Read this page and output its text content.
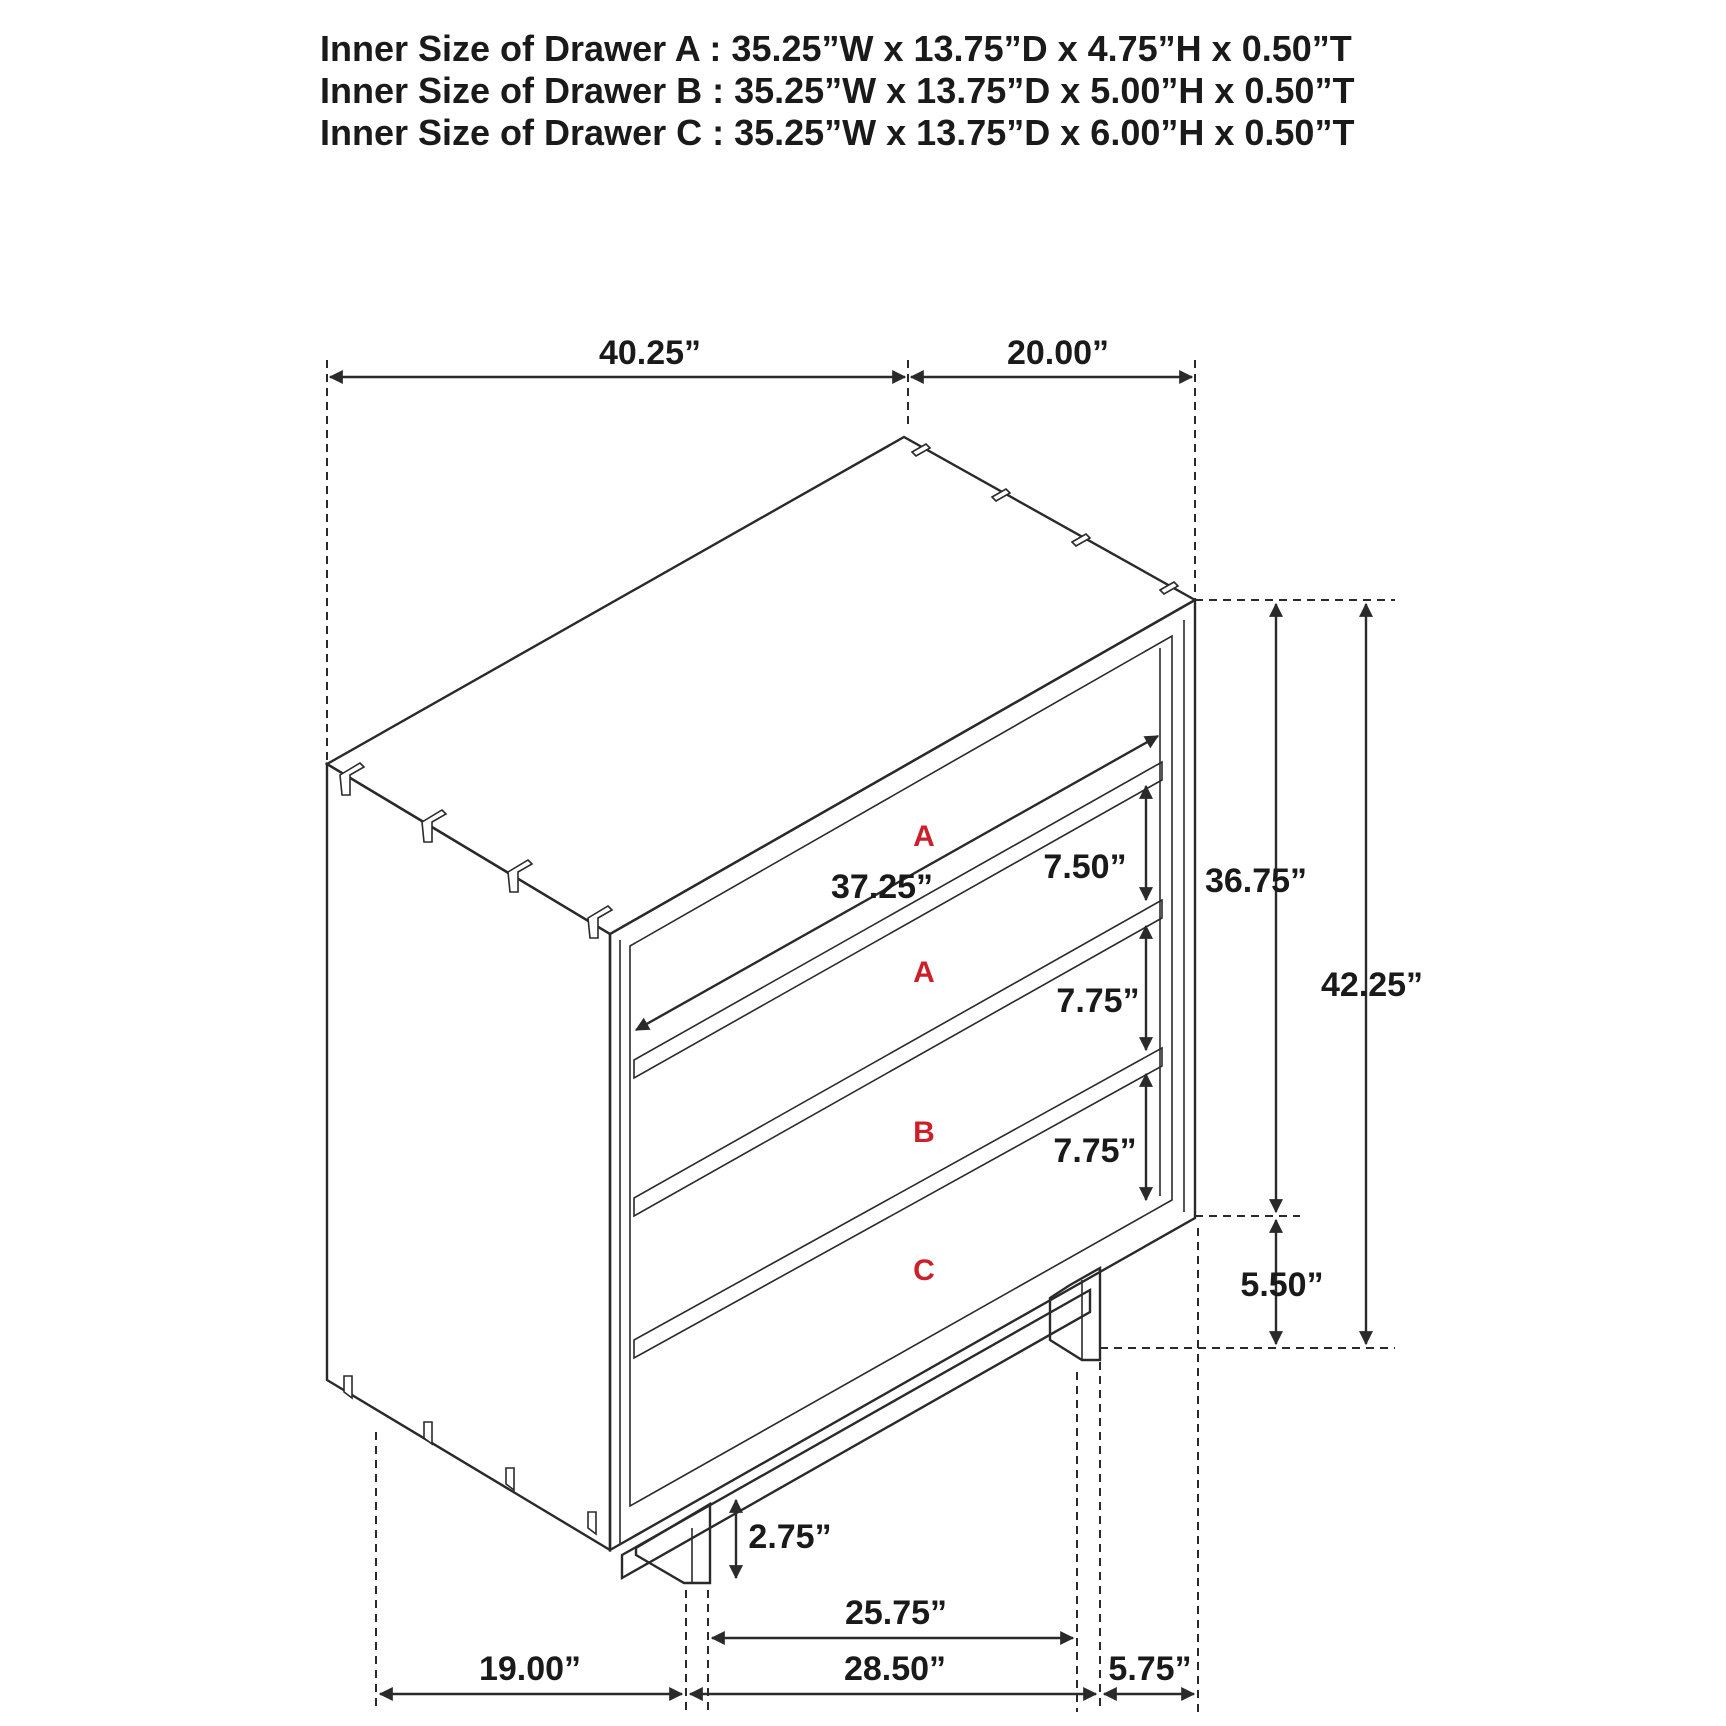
Inner Size of Drawer A : 35.25”W x 13.75”D x 4.75”H x 0.50”T
Inner Size of Drawer B : 35.25”W x 13.75”D x 5.00”H x 0.50”T
Inner Size of Drawer C : 35.25”W x 13.75”D x 6.00”H x 0.50”T
A
A
B
C
40.25”	20.00”
37.25”
7.50”
7.75”
7.75”
36.75”
5.50”
42.25”
2.75”
25.75”
19.00”	28.50”	5.75”
